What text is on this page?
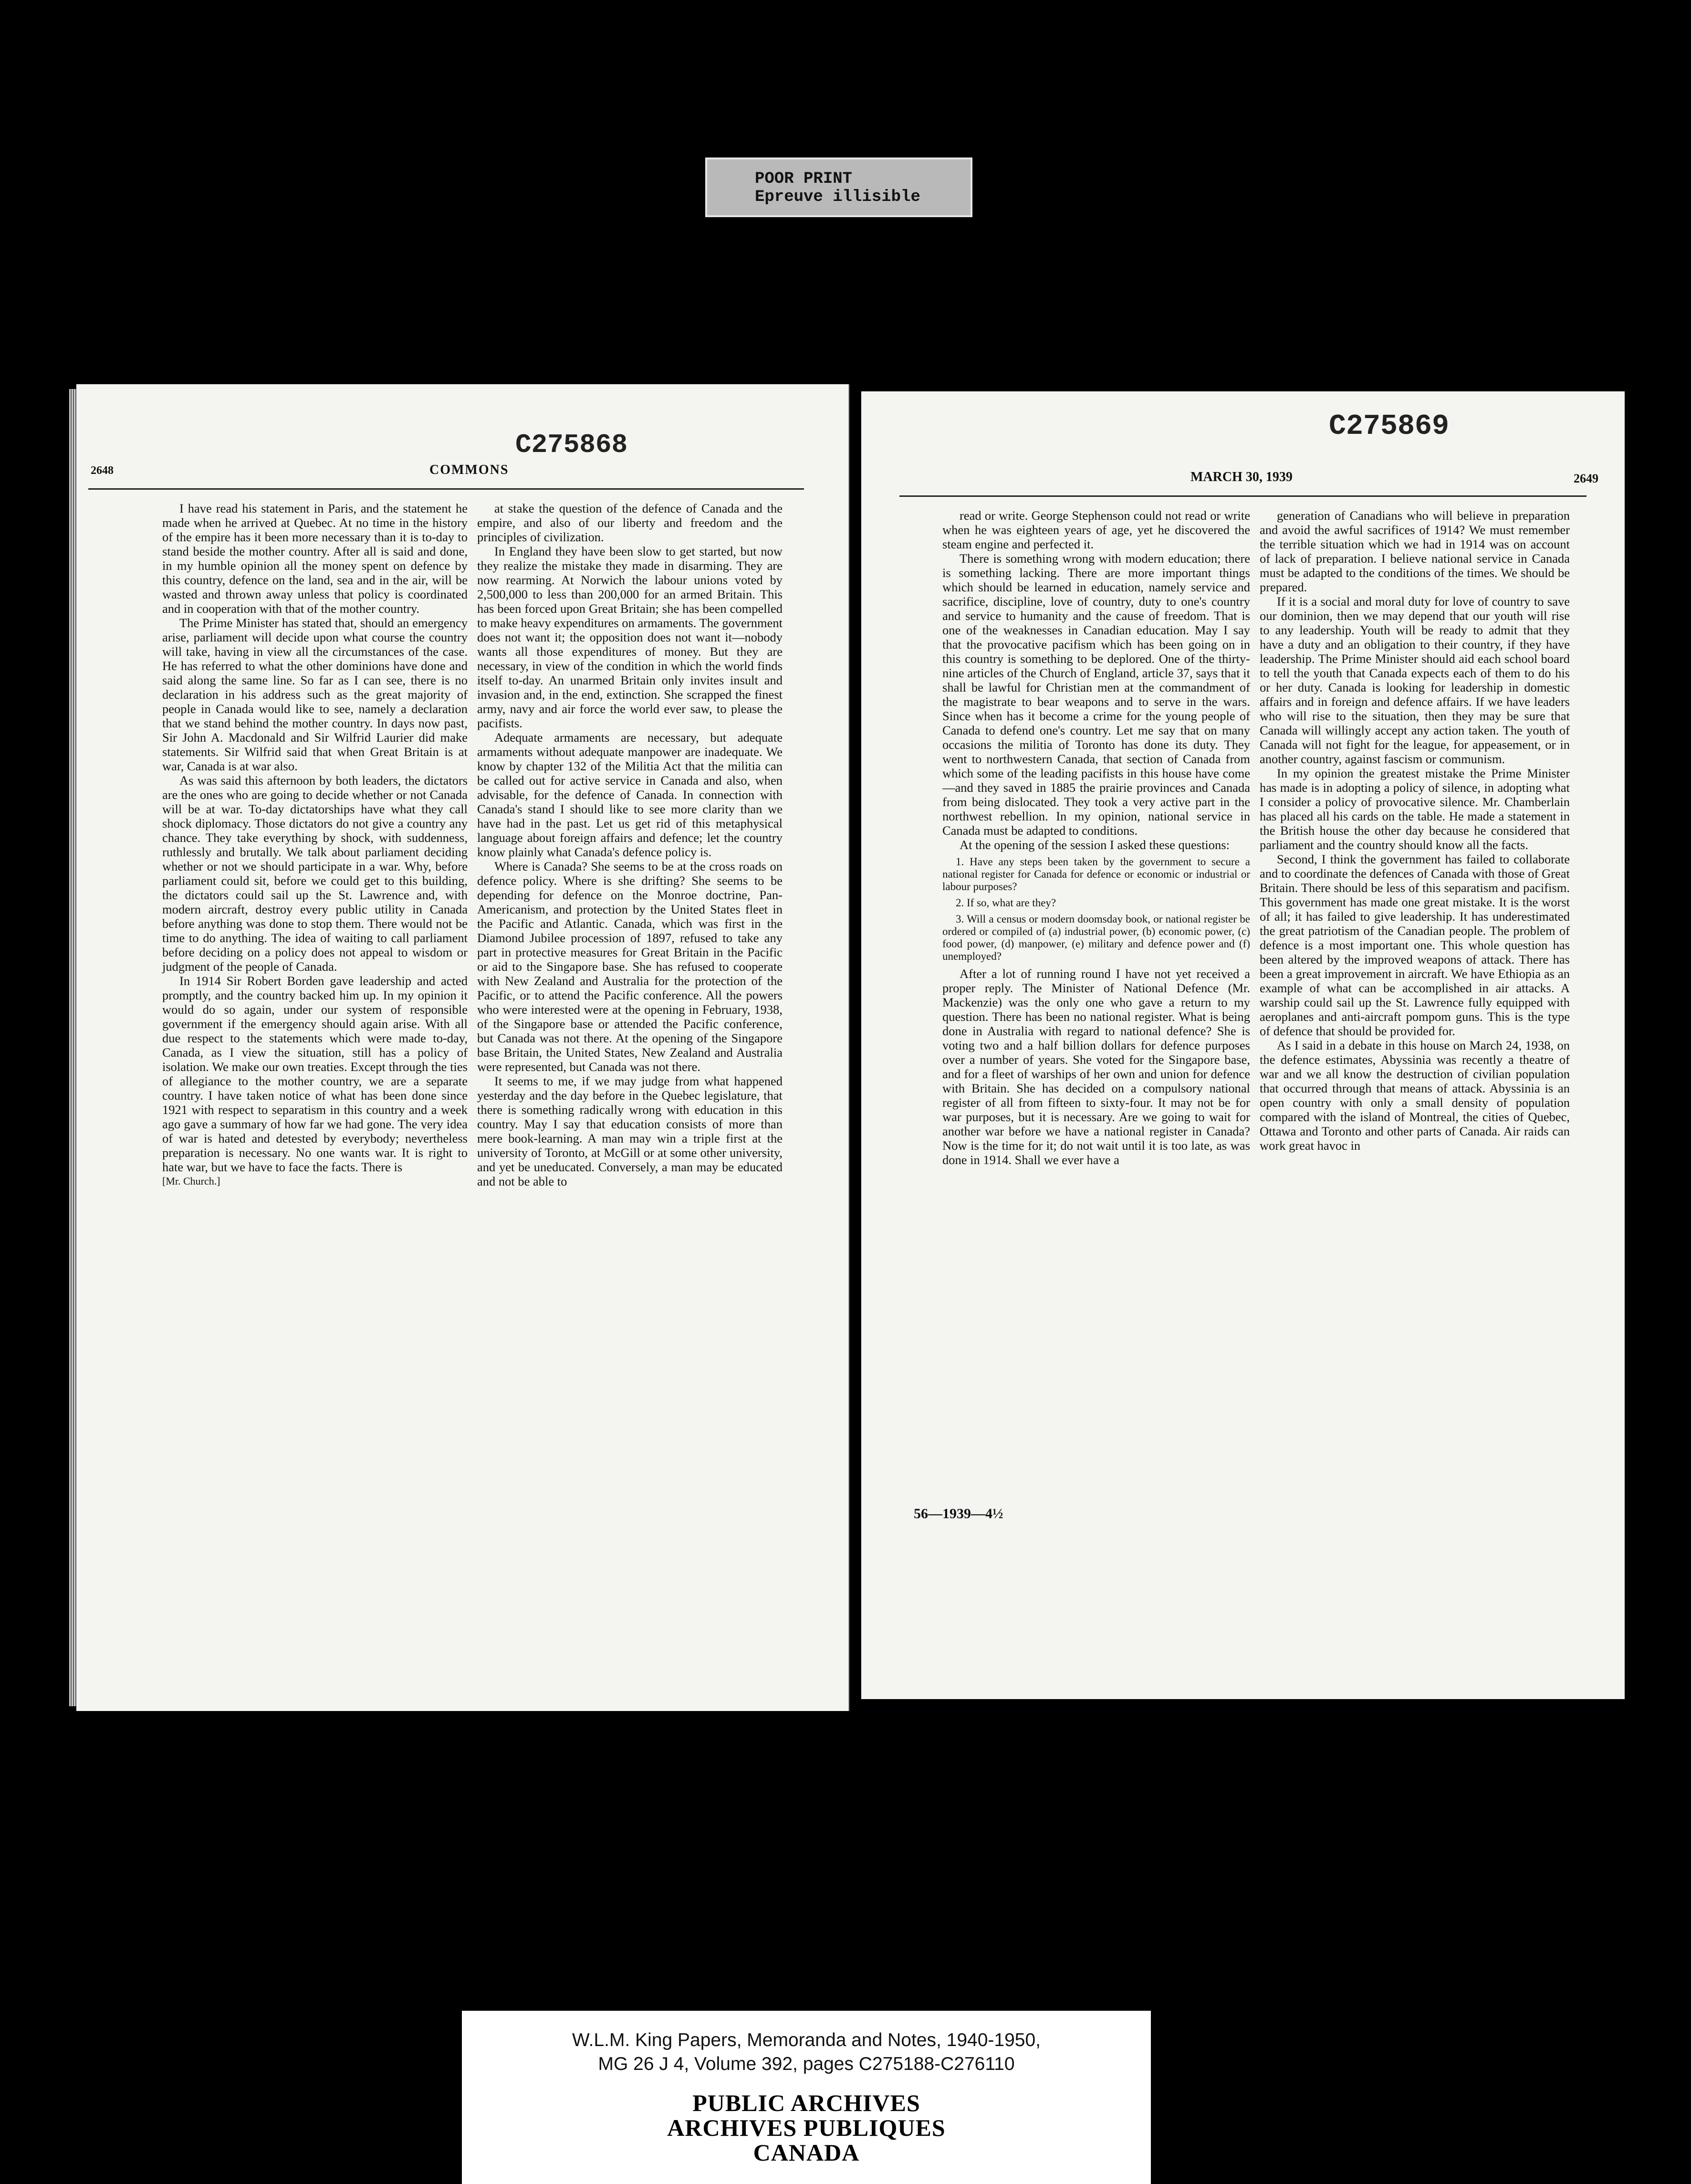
POOR PRINT
Epreuve illisible
2648	COMMONS
C275868

I have read his statement in Paris, and the statement he made when he arrived at Quebec. At no time in the history of the empire has it been more necessary than it is to-day to stand beside the mother country. After all is said and done, in my humble opinion all the money spent on defence by this country, defence on the land, sea and in the air, will be wasted and thrown away unless that policy is coordinated and in cooperation with that of the mother country.

The Prime Minister has stated that, should an emergency arise, parliament will decide upon what course the country will take, having in view all the circumstances of the case. He has referred to what the other dominions have done and said along the same line. So far as I can see, there is no declaration in his address such as the great majority of people in Canada would like to see, namely a declaration that we stand behind the mother country. In days now past, Sir John A. Macdonald and Sir Wilfrid Laurier did make statements. Sir Wilfrid said that when Great Britain is at war, Canada is at war also.

As was said this afternoon by both leaders, the dictators are the ones who are going to decide whether or not Canada will be at war. To-day dictatorships have what they call shock diplomacy. Those dictators do not give a country any chance. They take everything by shock, with suddenness, ruthlessly and brutally. We talk about parliament deciding whether or not we should participate in a war. Why, before parliament could sit, before we could get to this building, the dictators could sail up the St. Lawrence and, with modern aircraft, destroy every public utility in Canada before anything was done to stop them. There would not be time to do anything. The idea of waiting to call parliament before deciding on a policy does not appeal to wisdom or judgment of the people of Canada.

In 1914 Sir Robert Borden gave leadership and acted promptly, and the country backed him up. In my opinion it would do so again, under our system of responsible government if the emergency should again arise. With all due respect to the statements which were made to-day, Canada, as I view the situation, still has a policy of isolation. We make our own treaties. Except through the ties of allegiance to the mother country, we are a separate country. I have taken notice of what has been done since 1921 with respect to separatism in this country and a week ago gave a summary of how far we had gone. The very idea of war is hated and detested by everybody; nevertheless preparation is necessary. No one wants war. It is right to hate war, but we have to face the facts. There is

[Mr. Church.]

at stake the question of the defence of Canada and the empire, and also of our liberty and freedom and the principles of civilization.

In England they have been slow to get started, but now they realize the mistake they made in disarming. They are now rearming. At Norwich the labour unions voted by 2,500,000 to less than 200,000 for an armed Britain. This has been forced upon Great Britain; she has been compelled to make heavy expenditures on armaments. The government does not want it; the opposition does not want it—nobody wants all those expenditures of money. But they are necessary, in view of the condition in which the world finds itself to-day. An unarmed Britain only invites insult and invasion and, in the end, extinction. She scrapped the finest army, navy and air force the world ever saw, to please the pacifists.

Adequate armaments are necessary, but adequate armaments without adequate manpower are inadequate. We know by chapter 132 of the Militia Act that the militia can be called out for active service in Canada and also, when advisable, for the defence of Canada. In connection with Canada's stand I should like to see more clarity than we have had in the past. Let us get rid of this metaphysical language about foreign affairs and defence; let the country know plainly what Canada's defence policy is.

Where is Canada? She seems to be at the cross roads on defence policy. Where is she drifting? She seems to be depending for defence on the Monroe doctrine, Pan-Americanism, and protection by the United States fleet in the Pacific and Atlantic. Canada, which was first in the Diamond Jubilee procession of 1897, refused to take any part in protective measures for Great Britain in the Pacific or aid to the Singapore base. She has refused to cooperate with New Zealand and Australia for the protection of the Pacific, or to attend the Pacific conference. All the powers who were interested were at the opening in February, 1938, of the Singapore base or attended the Pacific conference, but Canada was not there. At the opening of the Singapore base Britain, the United States, New Zealand and Australia were represented, but Canada was not there.

It seems to me, if we may judge from what happened yesterday and the day before in the Quebec legislature, that there is something radically wrong with education in this country. May I say that education consists of more than mere book-learning. A man may win a triple first at the university of Toronto, at McGill or at some other university, and yet be uneducated. Conversely, a man may be educated and not be able to

MARCH 30, 1939	2649
C275869

read or write. George Stephenson could not read or write when he was eighteen years of age, yet he discovered the steam engine and perfected it.

There is something wrong with modern education; there is something lacking. There are more important things which should be learned in education, namely service and sacrifice, discipline, love of country, duty to one's country and service to humanity and the cause of freedom. That is one of the weaknesses in Canadian education. May I say that the provocative pacifism which has been going on in this country is something to be deplored. One of the thirty-nine articles of the Church of England, article 37, says that it shall be lawful for Christian men at the commandment of the magistrate to bear weapons and to serve in the wars. Since when has it become a crime for the young people of Canada to defend one's country. Let me say that on many occasions the militia of Toronto has done its duty. They went to northwestern Canada, that section of Canada from which some of the leading pacifists in this house have come—and they saved in 1885 the prairie provinces and Canada from being dislocated. They took a very active part in the northwest rebellion. In my opinion, national service in Canada must be adapted to conditions.

At the opening of the session I asked these questions:

1. Have any steps been taken by the government to secure a national register for Canada for defence or economic or industrial or labour purposes?

2. If so, what are they?

3. Will a census or modern doomsday book, or national register be ordered or compiled of (a) industrial power, (b) economic power, (c) food power, (d) manpower, (e) military and defence power and (f) unemployed?

After a lot of running round I have not yet received a proper reply. The Minister of National Defence (Mr. Mackenzie) was the only one who gave a return to my question. There has been no national register. What is being done in Australia with regard to national defence? She is voting two and a half billion dollars for defence purposes over a number of years. She voted for the Singapore base, and for a fleet of warships of her own and union for defence with Britain. She has decided on a compulsory national register of all from fifteen to sixty-four. It may not be for war purposes, but it is necessary. Are we going to wait for another war before we have a national register in Canada? Now is the time for it; do not wait until it is too late, as was done in 1914. Shall we ever have a

generation of Canadians who will believe in preparation and avoid the awful sacrifices of 1914? We must remember the terrible situation which we had in 1914 was on account of lack of preparation. I believe national service in Canada must be adapted to the conditions of the times. We should be prepared.

If it is a social and moral duty for love of country to save our dominion, then we may depend that our youth will rise to any leadership. Youth will be ready to admit that they have a duty and an obligation to their country, if they have leadership. The Prime Minister should aid each school board to tell the youth that Canada expects each of them to do his or her duty. Canada is looking for leadership in domestic affairs and in foreign and defence affairs. If we have leaders who will rise to the situation, then they may be sure that Canada will willingly accept any action taken. The youth of Canada will not fight for the league, for appeasement, or in another country, against fascism or communism.

In my opinion the greatest mistake the Prime Minister has made is in adopting a policy of silence, in adopting what I consider a policy of provocative silence. Mr. Chamberlain has placed all his cards on the table. He made a statement in the British house the other day because he considered that parliament and the country should know all the facts.

Second, I think the government has failed to collaborate and to coordinate the defences of Canada with those of Great Britain. There should be less of this separatism and pacifism. This government has made one great mistake. It is the worst of all; it has failed to give leadership. It has underestimated the great patriotism of the Canadian people. The problem of defence is a most important one. This whole question has been altered by the improved weapons of attack. There has been a great improvement in aircraft. We have Ethiopia as an example of what can be accomplished in air attacks. A warship could sail up the St. Lawrence fully equipped with aeroplanes and anti-aircraft pompom guns. This is the type of defence that should be provided for.

As I said in a debate in this house on March 24, 1938, on the defence estimates, Abyssinia was recently a theatre of war and we all know the destruction of civilian population that occurred through that means of attack. Abyssinia is an open country with only a small density of population compared with the island of Montreal, the cities of Quebec, Ottawa and Toronto and other parts of Canada. Air raids can work great havoc in

56—1939—4½
W.L.M. King Papers, Memoranda and Notes, 1940-1950,
MG 26 J 4, Volume 392, pages C275188-C276110
PUBLIC ARCHIVES
ARCHIVES PUBLIQUES
CANADA
